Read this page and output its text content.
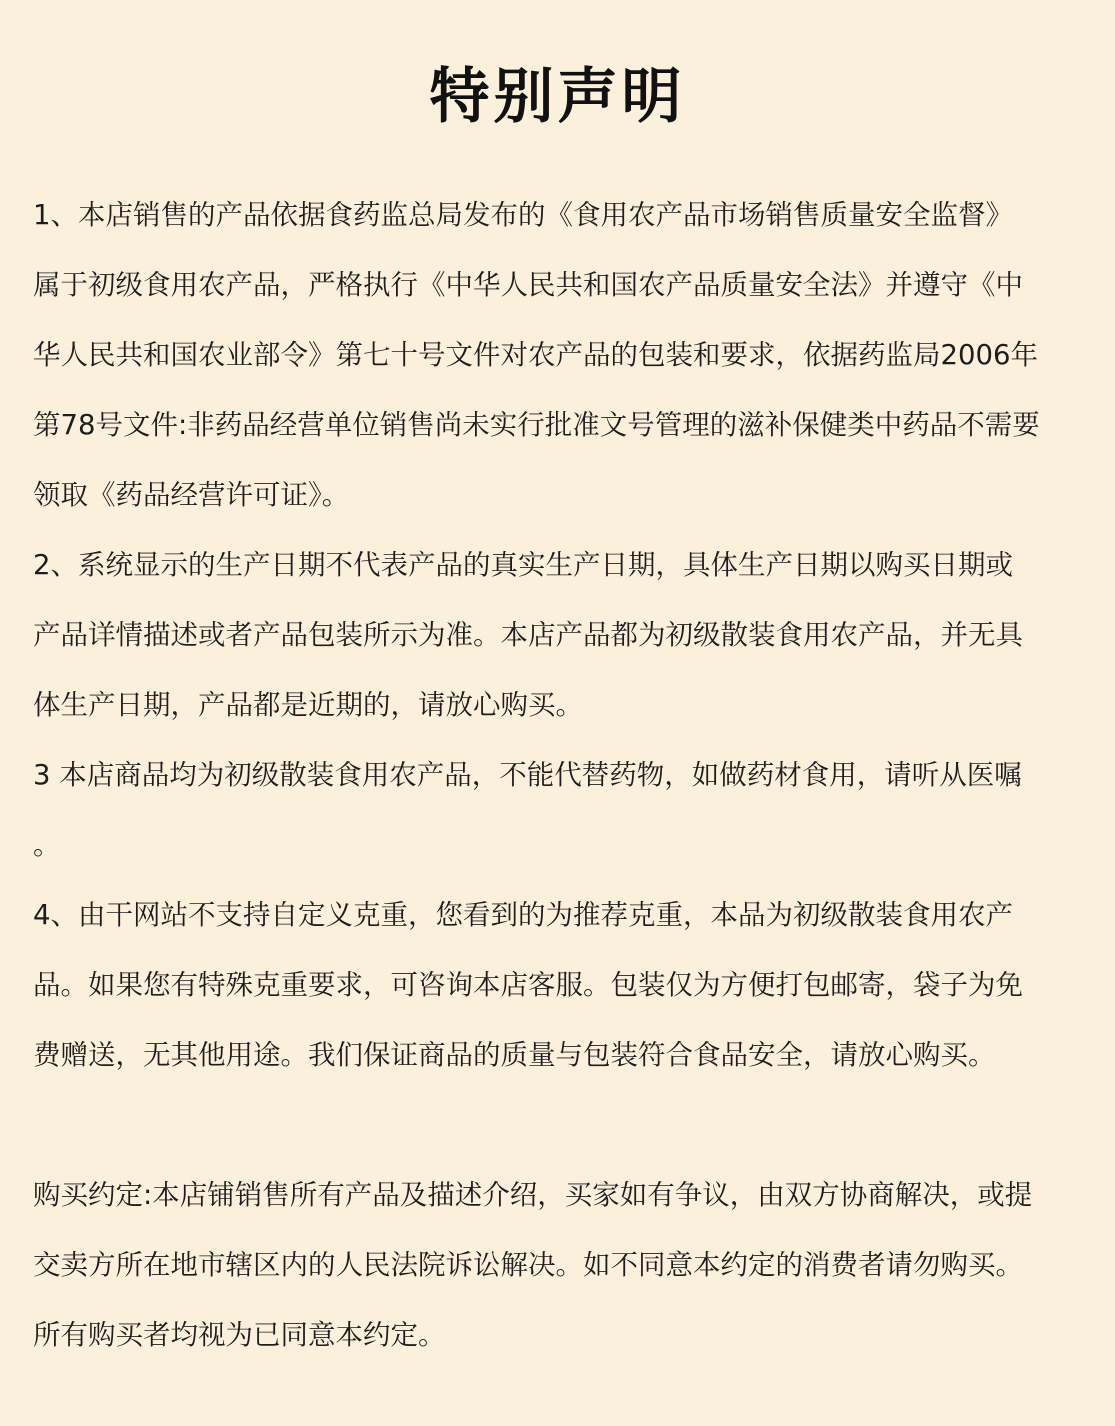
特别声明
1、本店销售的产品依据食药监总局发布的《食用农产品市场销售质量安全监督》
属于初级食用农产品，严格执行《中华人民共和国农产品质量安全法》并遵守《中
华人民共和国农业部令》第七十号文件对农产品的包装和要求，依据药监局2006年
第78号文件:非药品经营单位销售尚未实行批准文号管理的滋补保健类中药品不需要
领取《药品经营许可证》。
2、系统显示的生产日期不代表产品的真实生产日期，具体生产日期以购买日期或
产品详情描述或者产品包装所示为准。本店产品都为初级散装食用农产品，并无具
体生产日期，产品都是近期的，请放心购买。
3 本店商品均为初级散装食用农产品，不能代替药物，如做药材食用，请听从医嘱
。
4、由干网站不支持自定义克重，您看到的为推荐克重，本品为初级散装食用农产
品。如果您有特殊克重要求，可咨询本店客服。包装仅为方便打包邮寄，袋子为免
费赠送，无其他用途。我们保证商品的质量与包装符合食品安全，请放心购买。
购买约定:本店铺销售所有产品及描述介绍，买家如有争议，由双方协商解决，或提
交卖方所在地市辖区内的人民法院诉讼解决。如不同意本约定的消费者请勿购买。
所有购买者均视为已同意本约定。
